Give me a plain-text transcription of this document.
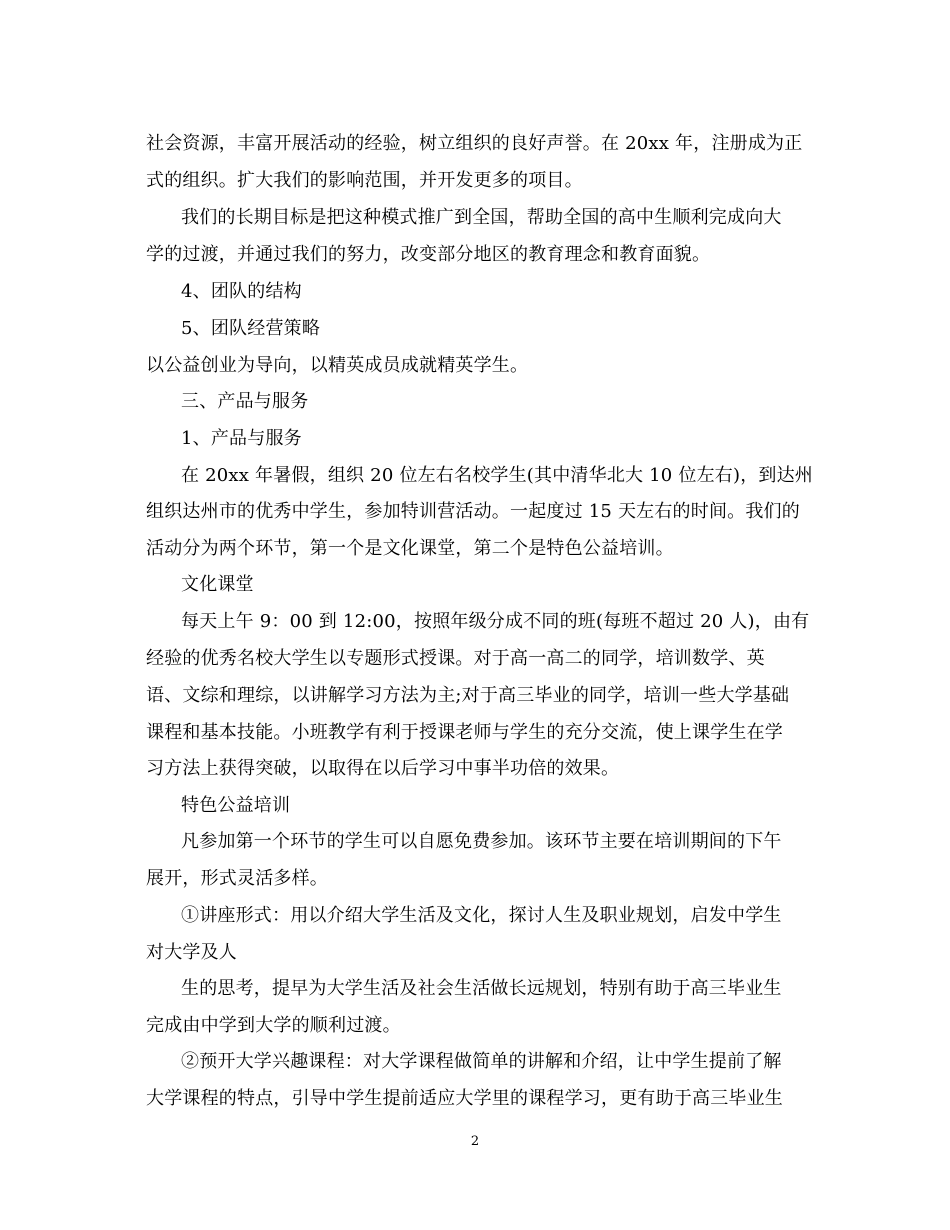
社会资源，丰富开展活动的经验，树立组织的良好声誉。在 20xx 年，注册成为正
式的组织。扩大我们的影响范围，并开发更多的项目。
我们的长期目标是把这种模式推广到全国，帮助全国的高中生顺利完成向大
学的过渡，并通过我们的努力，改变部分地区的教育理念和教育面貌。
4、团队的结构
5、团队经营策略
以公益创业为导向，以精英成员成就精英学生。
三、产品与服务
1、产品与服务
在 20xx 年暑假，组织 20 位左右名校学生(其中清华北大 10 位左右)，到达州
组织达州市的优秀中学生，参加特训营活动。一起度过 15 天左右的时间。我们的
活动分为两个环节，第一个是文化课堂，第二个是特色公益培训。
文化课堂
每天上午 9：00 到 12:00，按照年级分成不同的班(每班不超过 20 人)，由有
经验的优秀名校大学生以专题形式授课。对于高一高二的同学，培训数学、英
语、文综和理综，以讲解学习方法为主;对于高三毕业的同学，培训一些大学基础
课程和基本技能。小班教学有利于授课老师与学生的充分交流，使上课学生在学
习方法上获得突破，以取得在以后学习中事半功倍的效果。
特色公益培训
凡参加第一个环节的学生可以自愿免费参加。该环节主要在培训期间的下午
展开，形式灵活多样。
①讲座形式：用以介绍大学生活及文化，探讨人生及职业规划，启发中学生
对大学及人
生的思考，提早为大学生活及社会生活做长远规划，特别有助于高三毕业生
完成由中学到大学的顺利过渡。
②预开大学兴趣课程：对大学课程做简单的讲解和介绍，让中学生提前了解
大学课程的特点，引导中学生提前适应大学里的课程学习，更有助于高三毕业生
2
